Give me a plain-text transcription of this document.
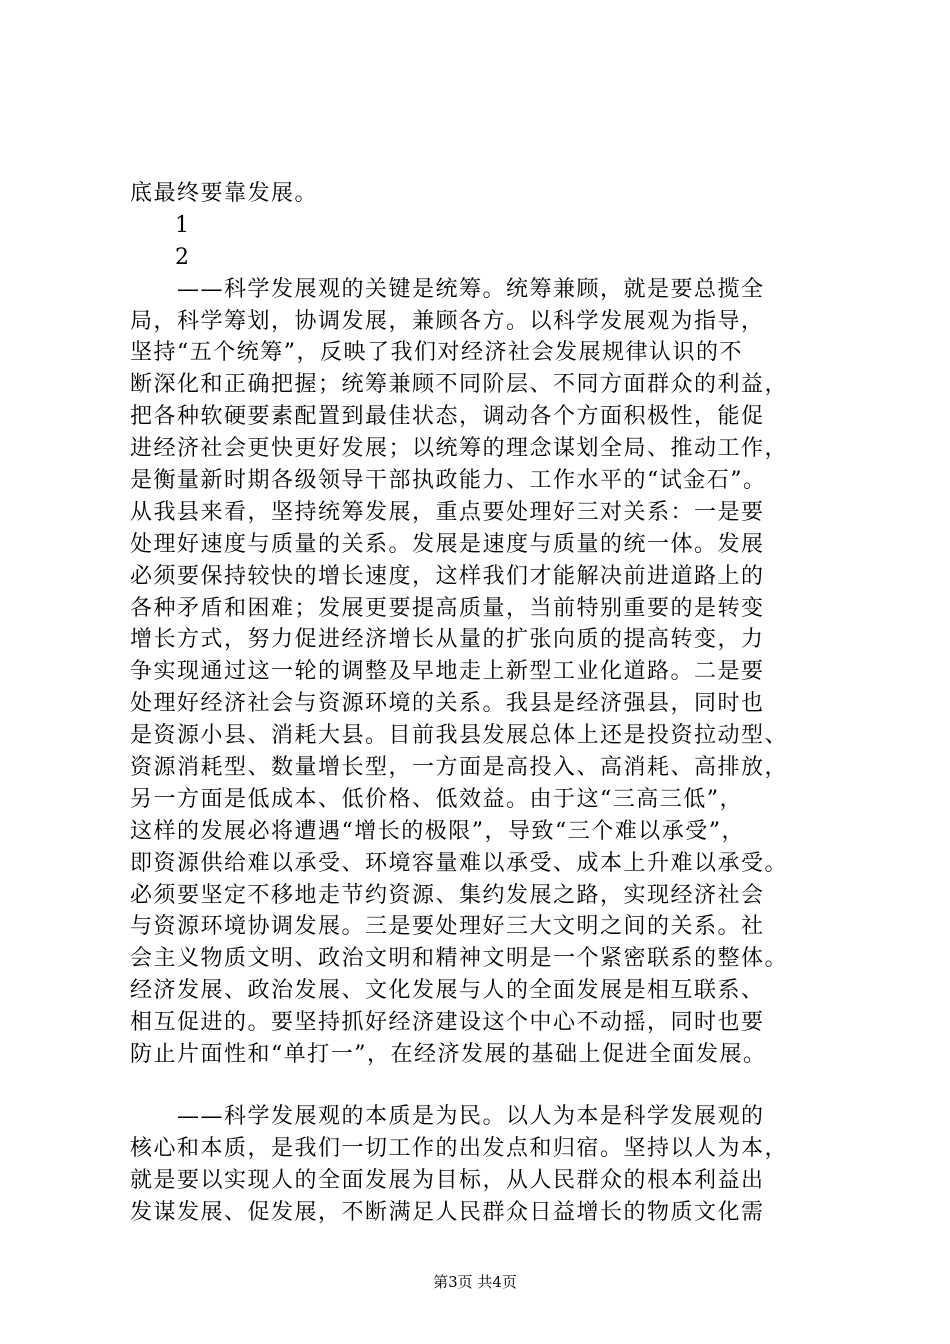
底最终要靠发展。
1
2
　　——科学发展观的关键是统筹。统筹兼顾，就是要总揽全
局，科学筹划，协调发展，兼顾各方。以科学发展观为指导，
坚持“五个统筹”，反映了我们对经济社会发展规律认识的不
断深化和正确把握；统筹兼顾不同阶层、不同方面群众的利益，
把各种软硬要素配置到最佳状态，调动各个方面积极性，能促
进经济社会更快更好发展；以统筹的理念谋划全局、推动工作，
是衡量新时期各级领导干部执政能力、工作水平的“试金石”。
从我县来看，坚持统筹发展，重点要处理好三对关系：一是要
处理好速度与质量的关系。发展是速度与质量的统一体。发展
必须要保持较快的增长速度，这样我们才能解决前进道路上的
各种矛盾和困难；发展更要提高质量，当前特别重要的是转变
增长方式，努力促进经济增长从量的扩张向质的提高转变，力
争实现通过这一轮的调整及早地走上新型工业化道路。二是要
处理好经济社会与资源环境的关系。我县是经济强县，同时也
是资源小县、消耗大县。目前我县发展总体上还是投资拉动型、
资源消耗型、数量增长型，一方面是高投入、高消耗、高排放，
另一方面是低成本、低价格、低效益。由于这“三高三低”，
这样的发展必将遭遇“增长的极限”，导致“三个难以承受”，
即资源供给难以承受、环境容量难以承受、成本上升难以承受。
必须要坚定不移地走节约资源、集约发展之路，实现经济社会
与资源环境协调发展。三是要处理好三大文明之间的关系。社
会主义物质文明、政治文明和精神文明是一个紧密联系的整体。
经济发展、政治发展、文化发展与人的全面发展是相互联系、
相互促进的。要坚持抓好经济建设这个中心不动摇，同时也要
防止片面性和“单打一”，在经济发展的基础上促进全面发展。
　　——科学发展观的本质是为民。以人为本是科学发展观的
核心和本质，是我们一切工作的出发点和归宿。坚持以人为本，
就是要以实现人的全面发展为目标，从人民群众的根本利益出
发谋发展、促发展，不断满足人民群众日益增长的物质文化需
第3页 共4页
